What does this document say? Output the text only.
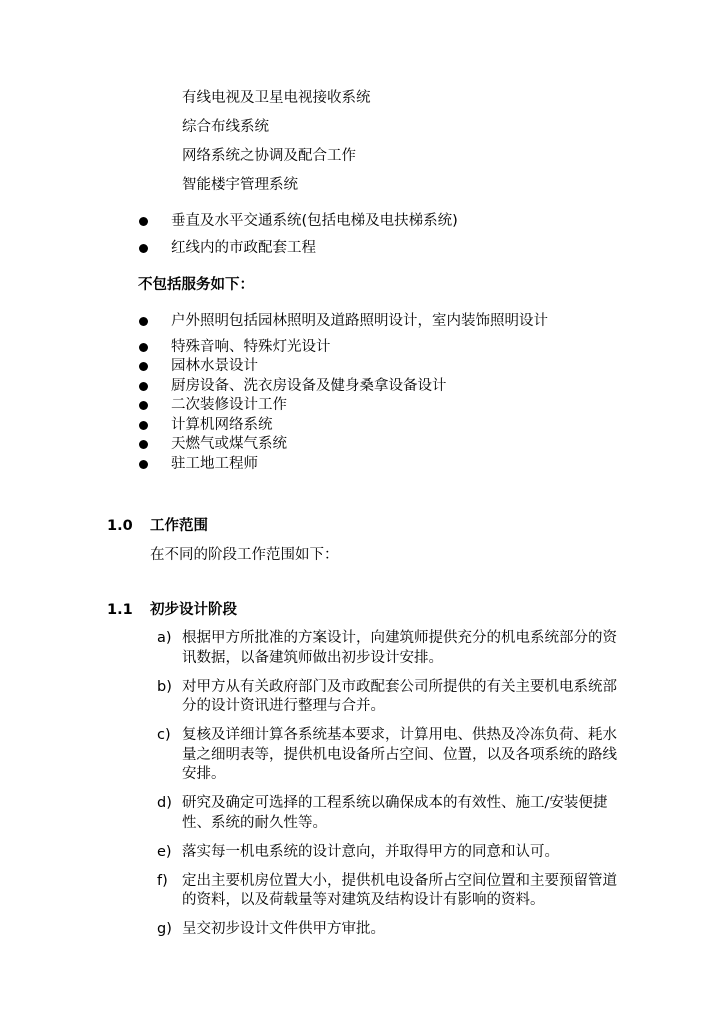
有线电视及卫星电视接收系统
综合布线系统
网络系统之协调及配合工作
智能楼宇管理系统
垂直及水平交通系统(包括电梯及电扶梯系统)
红线内的市政配套工程
不包括服务如下：
户外照明包括园林照明及道路照明设计，室内装饰照明设计
特殊音响、特殊灯光设计
园林水景设计
厨房设备、洗衣房设备及健身桑拿设备设计
二次装修设计工作
计算机网络系统
天燃气或煤气系统
驻工地工程师
1.0 工作范围
在不同的阶段工作范围如下：
1.1 初步设计阶段
a) 根据甲方所批准的方案设计，向建筑师提供充分的机电系统部分的资
讯数据，以备建筑师做出初步设计安排。
b) 对甲方从有关政府部门及市政配套公司所提供的有关主要机电系统部
分的设计资讯进行整理与合并。
c) 复核及详细计算各系统基本要求，计算用电、供热及冷冻负荷、耗水
量之细明表等，提供机电设备所占空间、位置，以及各项系统的路线
安排。
d) 研究及确定可选择的工程系统以确保成本的有效性、施工/安装便捷
性、系统的耐久性等。
e) 落实每一机电系统的设计意向，并取得甲方的同意和认可。
f) 定出主要机房位置大小，提供机电设备所占空间位置和主要预留管道
的资料，以及荷载量等对建筑及结构设计有影响的资料。
g) 呈交初步设计文件供甲方审批。
